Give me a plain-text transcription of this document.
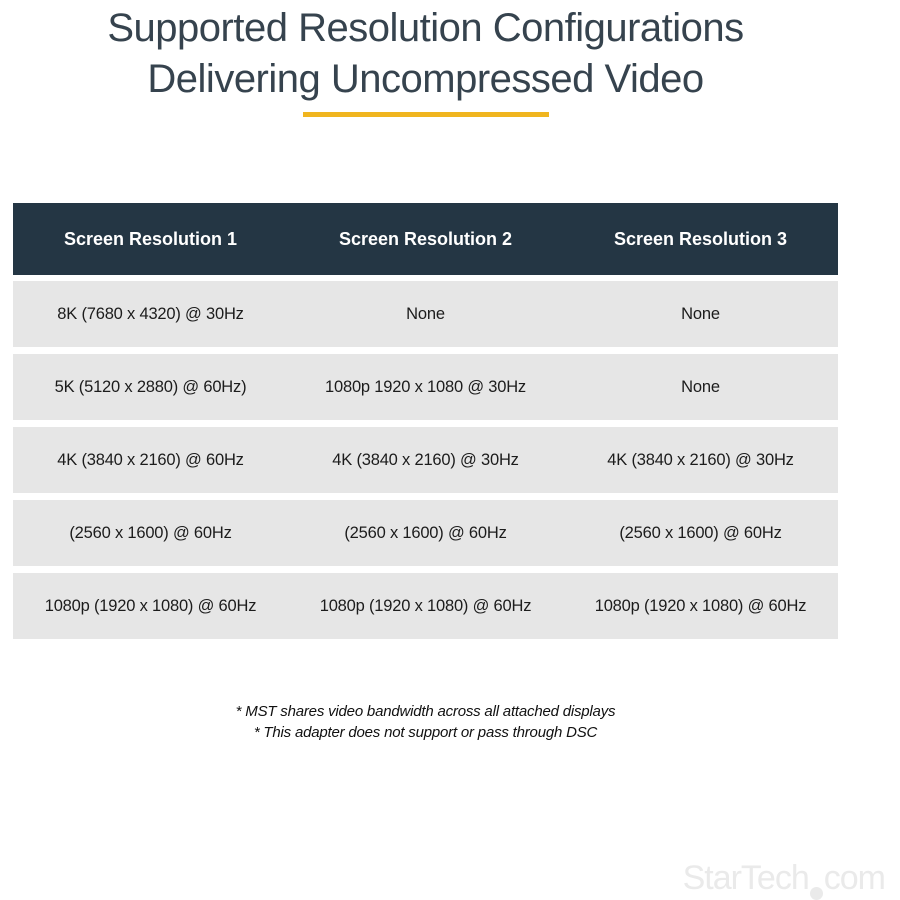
Supported Resolution Configurations
Delivering Uncompressed Video
Screen Resolution 1	Screen Resolution 2	Screen Resolution 3
8K (7680 x 4320) @ 30Hz	None	None
5K (5120 x 2880) @ 60Hz)	1080p 1920 x 1080 @ 30Hz	None
4K (3840 x 2160) @ 60Hz	4K (3840 x 2160) @ 30Hz	4K (3840 x 2160) @ 30Hz
(2560 x 1600) @ 60Hz	(2560 x 1600) @ 60Hz	(2560 x 1600) @ 60Hz
1080p (1920 x 1080) @ 60Hz	1080p (1920 x 1080) @ 60Hz	1080p (1920 x 1080) @ 60Hz
* MST shares video bandwidth across all attached displays
* This adapter does not support or pass through DSC
StarTech com
